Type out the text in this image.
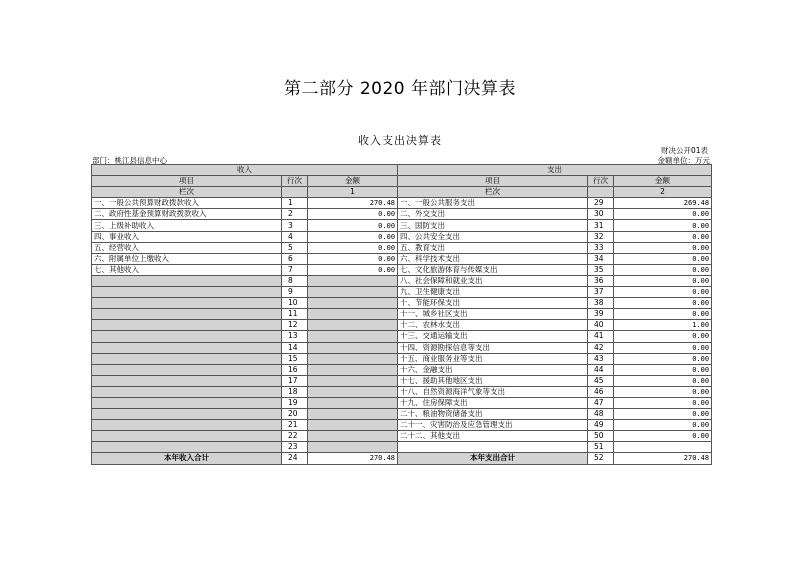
第二部分 2020 年部门决算表
收入支出决算表
财决公开01表
部门：桃江县信息中心	金额单位：万元
收入			支出		
项目	行次	金额	项目	行次	金额
栏次		1	栏次		2
一、一般公共预算财政拨款收入	1	270.48	一、一般公共服务支出	29	269.48
二、政府性基金预算财政拨款收入	2	0.00	二、外交支出	30	0.00
三、上级补助收入	3	0.00	三、国防支出	31	0.00
四、事业收入	4	0.00	四、公共安全支出	32	0.00
五、经营收入	5	0.00	五、教育支出	33	0.00
六、附属单位上缴收入	6	0.00	六、科学技术支出	34	0.00
七、其他收入	7	0.00	七、文化旅游体育与传媒支出	35	0.00
	8		八、社会保障和就业支出	36	0.00
	9		九、卫生健康支出	37	0.00
	10		十、节能环保支出	38	0.00
	11		十一、城乡社区支出	39	0.00
	12		十二、农林水支出	40	1.00
	13		十三、交通运输支出	41	0.00
	14		十四、资源勘探信息等支出	42	0.00
	15		十五、商业服务业等支出	43	0.00
	16		十六、金融支出	44	0.00
	17		十七、援助其他地区支出	45	0.00
	18		十八、自然资源海洋气象等支出	46	0.00
	19		十九、住房保障支出	47	0.00
	20		二十、粮油物资储备支出	48	0.00
	21		二十一、灾害防治及应急管理支出	49	0.00
	22		二十二、其他支出	50	0.00
	23			51	
本年收入合计	24	270.48	本年支出合计	52	270.48
